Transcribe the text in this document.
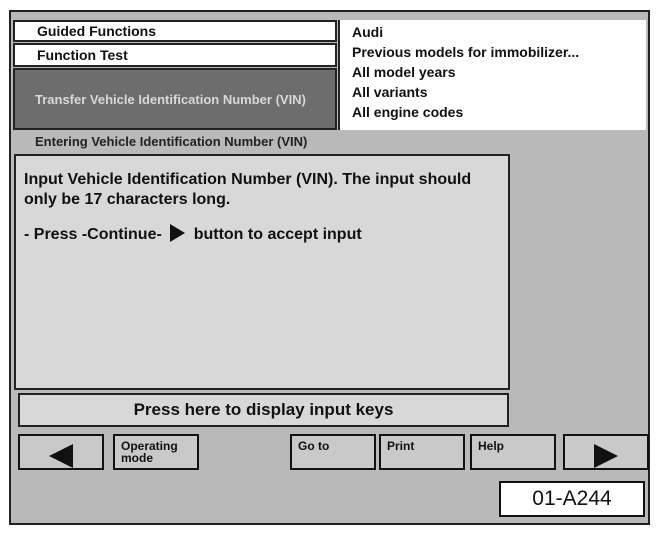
Guided Functions
Function Test
Transfer Vehicle Identification Number (VIN)
Audi
Previous models for immobilizer...
All model years
All variants
All engine codes
Entering Vehicle Identification Number (VIN)

Input Vehicle Identification Number (VIN). The input should only be 17 characters long.

- Press -Continue- button to accept input

Press here to display input keys
Operating mode
Go to	Print	Help
01-A244
